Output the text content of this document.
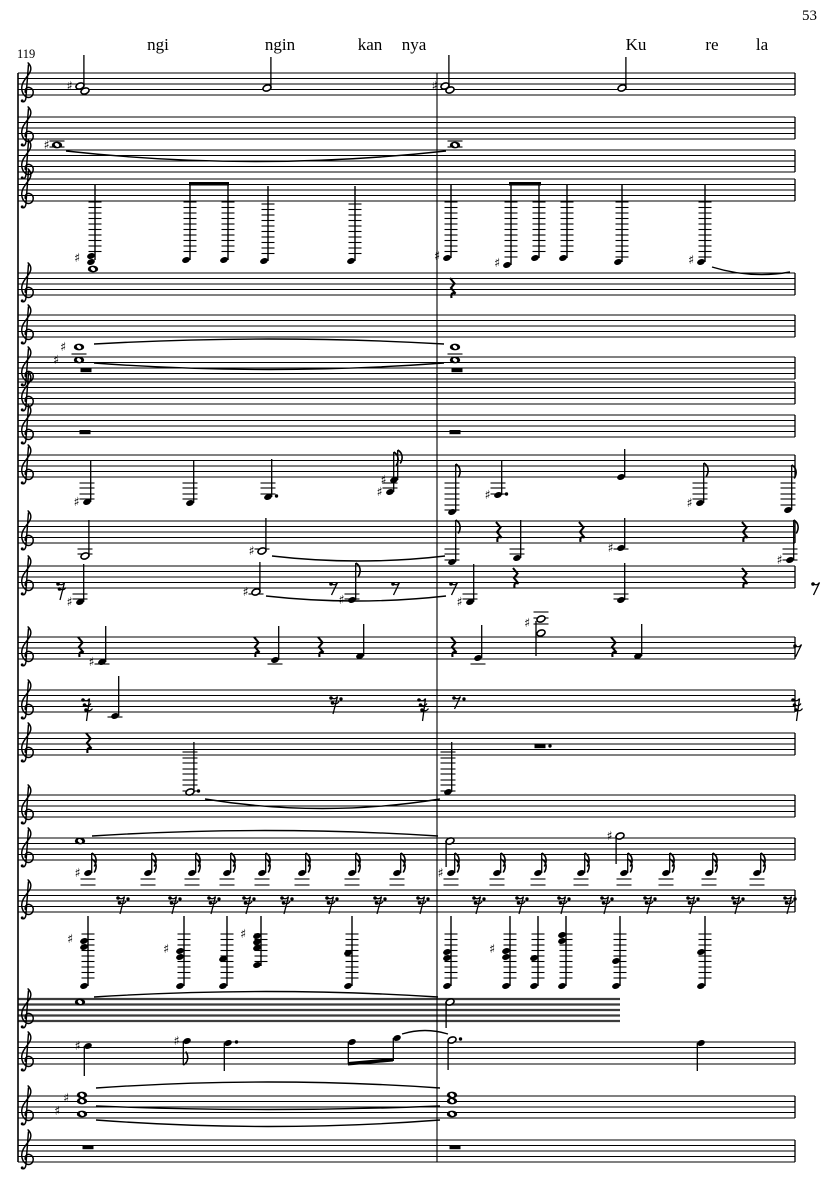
53
119	ngi	ngin	kan nya	Ku	re la
♯	♯
♯
♯	♯	♯	♯
♯
♯
♯
♯
♯	♯
♯
♯	♯
♯
♯
♯
♯	♯
♯
♯
♯
♯	♯
♯
♯
♯
♯
♯	♯
♯
♯
